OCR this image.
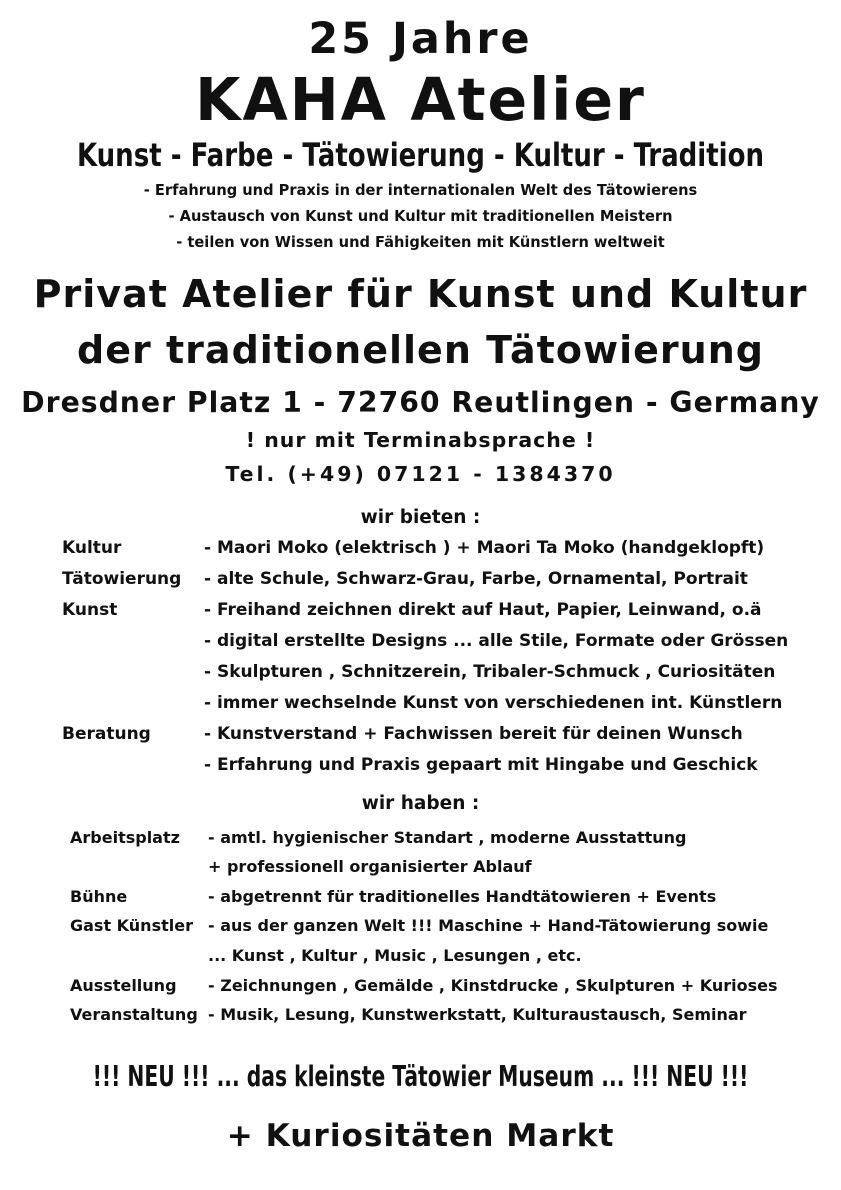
25 Jahre
KAHA Atelier
Kunst - Farbe - Tätowierung - Kultur - Tradition
- Erfahrung und Praxis in der internationalen Welt des Tätowierens
- Austausch von Kunst und Kultur mit traditionellen Meistern
- teilen von Wissen und Fähigkeiten mit Künstlern weltweit
Privat Atelier für Kunst und Kultur
der traditionellen Tätowierung
Dresdner Platz 1 - 72760 Reutlingen - Germany
! nur mit Terminabsprache !
Tel. (+49) 07121 - 1384370
wir bieten :
Kultur	- Maori Moko (elektrisch ) + Maori Ta Moko (handgeklopft)
Tätowierung - alte Schule, Schwarz-Grau, Farbe, Ornamental, Portrait
Kunst	- Freihand zeichnen direkt auf Haut, Papier, Leinwand, o.ä
- digital erstellte Designs ... alle Stile, Formate oder Grössen
- Skulpturen , Schnitzerein, Tribaler-Schmuck , Curiositäten
- immer wechselnde Kunst von verschiedenen int. Künstlern
Beratung	- Kunstverstand + Fachwissen bereit für deinen Wunsch
- Erfahrung und Praxis gepaart mit Hingabe und Geschick
wir haben :
Arbeitsplatz - amtl. hygienischer Standart , moderne Ausstattung
+ professionell organisierter Ablauf
Bühne	- abgetrennt für traditionelles Handtätowieren + Events
Gast Künstler - aus der ganzen Welt !!! Maschine + Hand-Tätowierung sowie
... Kunst , Kultur , Music , Lesungen , etc.
Ausstellung - Zeichnungen , Gemälde , Kinstdrucke , Skulpturen + Kurioses
Veranstaltung - Musik, Lesung, Kunstwerkstatt, Kulturaustausch, Seminar
!!! NEU !!! ... das kleinste Tätowier Museum ... !!! NEU !!!
+ Kuriositäten Markt
